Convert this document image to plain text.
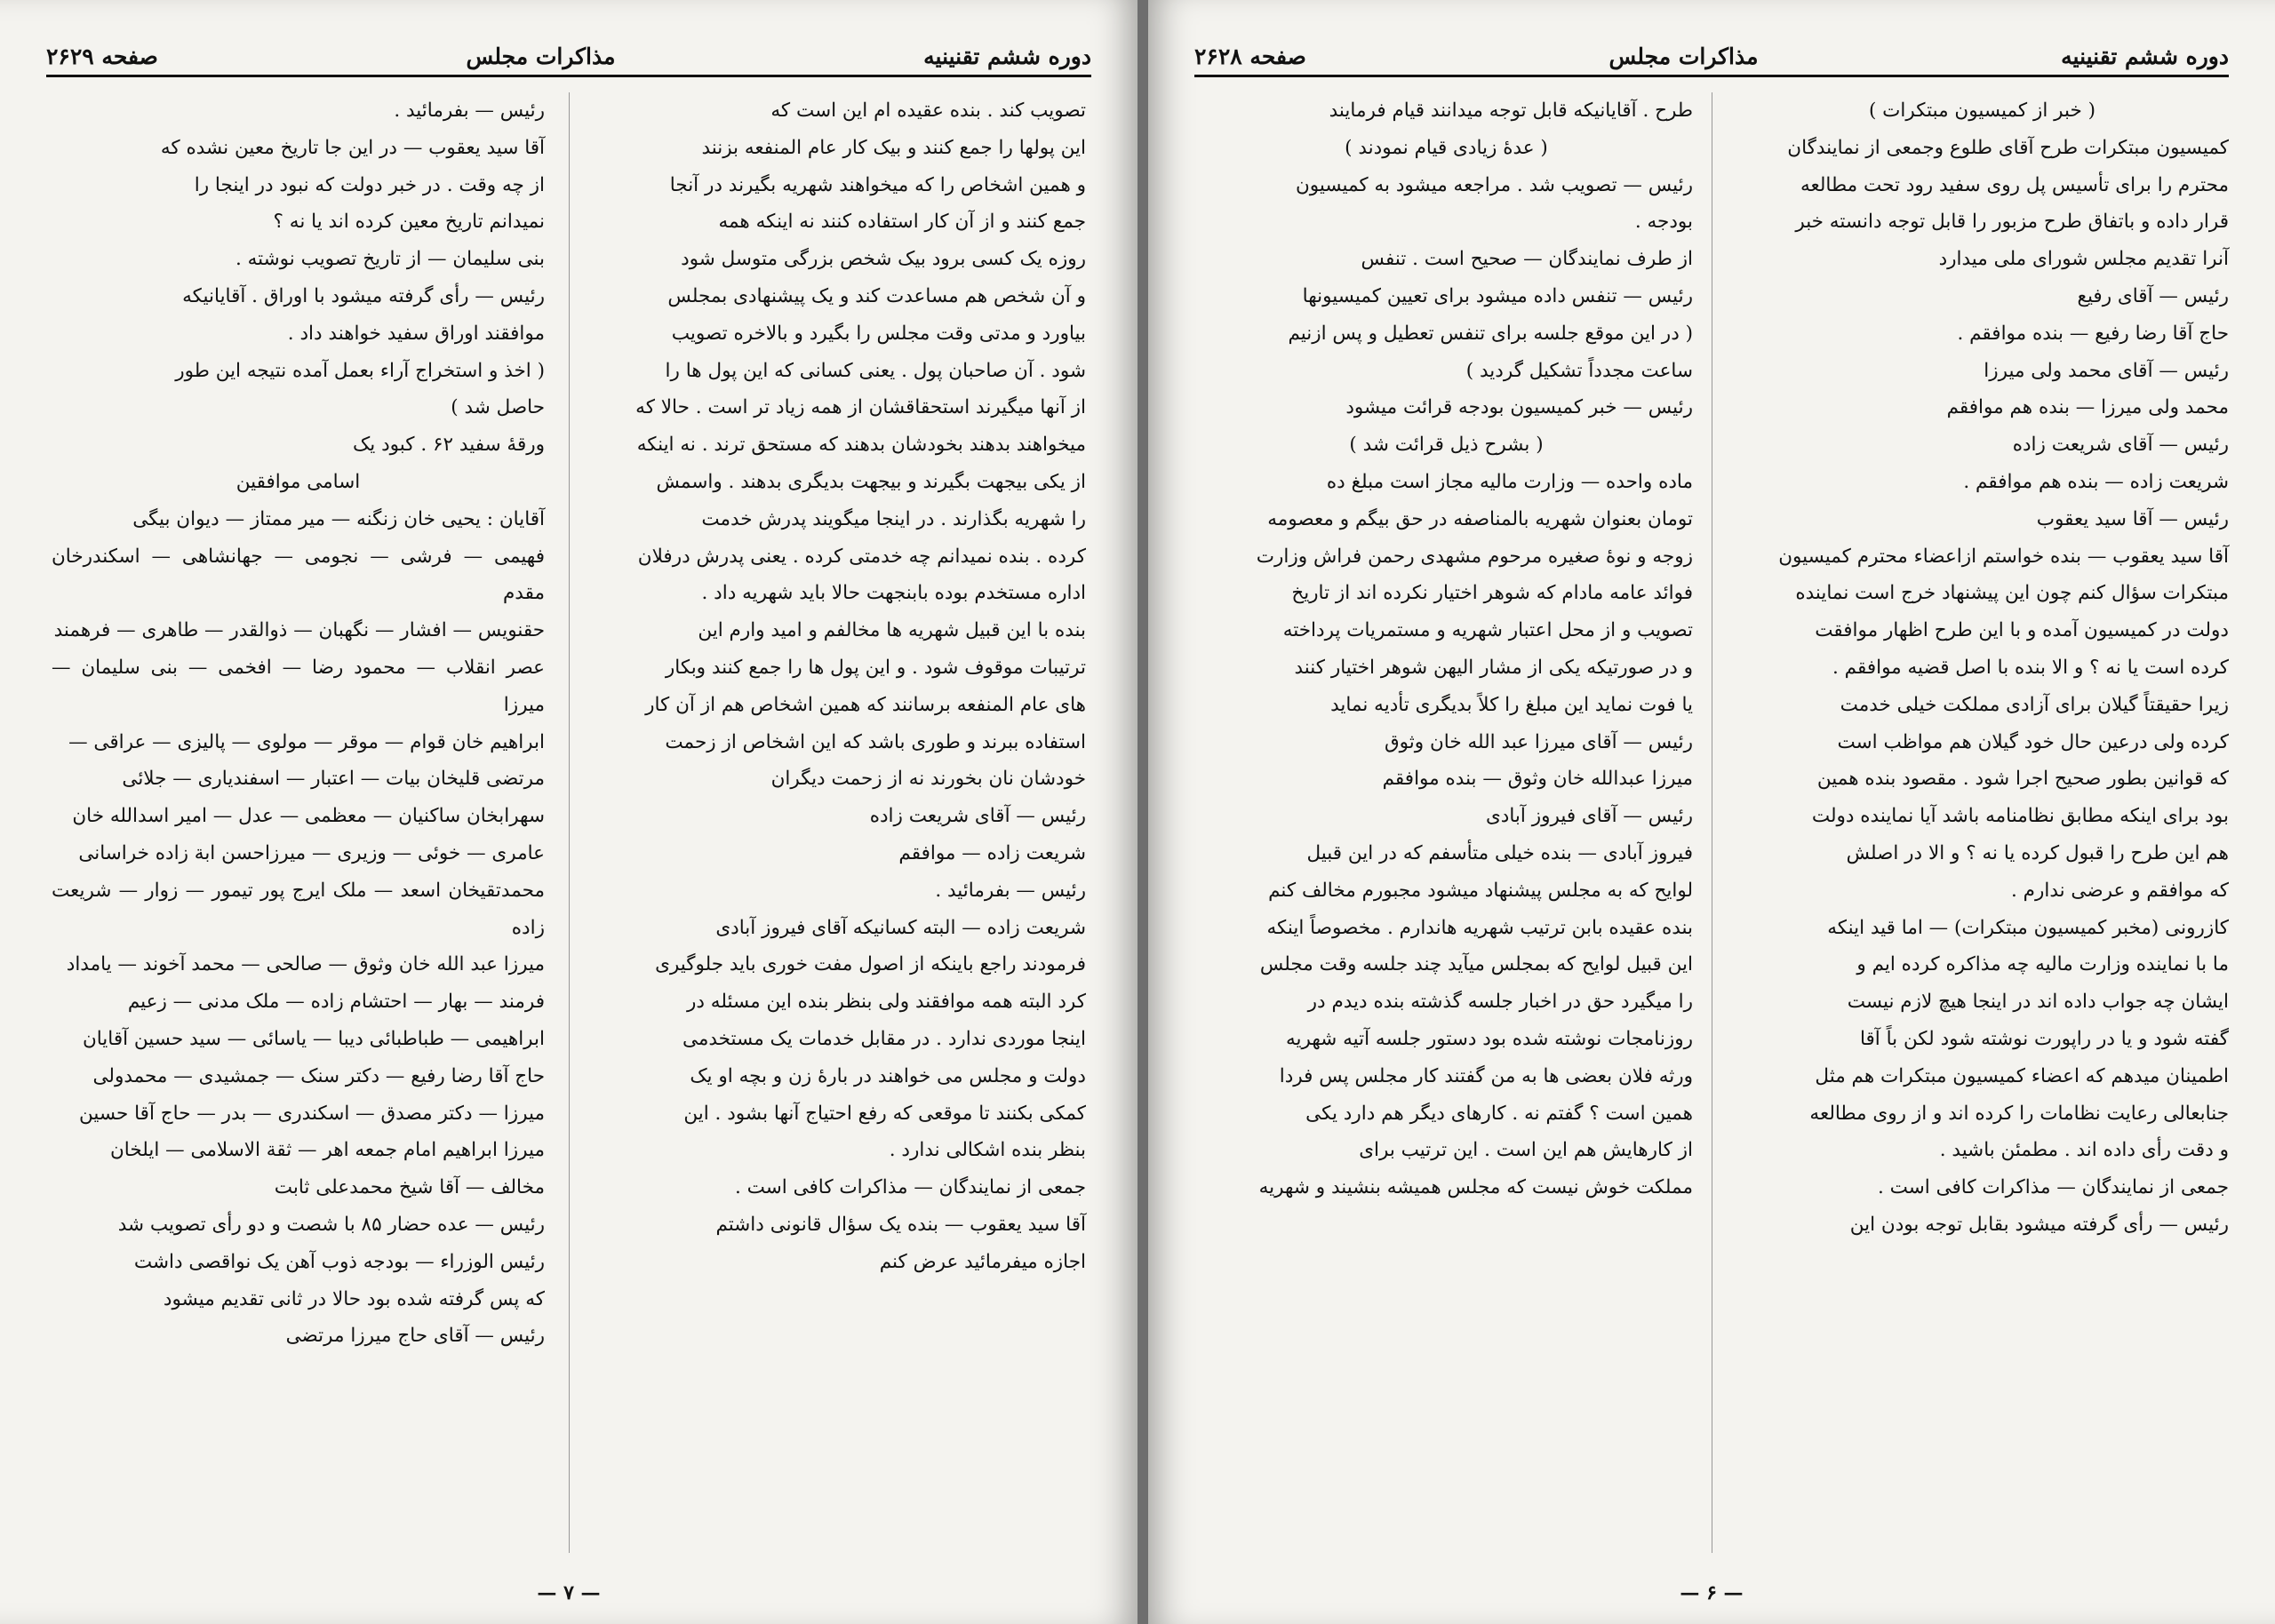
صفحه ۲۶۲۹	مذاکرات مجلس	دوره ششم تقنینیه

تصویب کند . بنده عقیده ام این است که

این پولها را جمع کنند و بیک کار عام المنفعه بزنند

و همین اشخاص را که میخواهند شهریه بگیرند در آنجا

جمع کنند و از آن کار استفاده کنند نه اینکه همه

روزه یک کسی برود بیک شخص بزرگی متوسل شود

و آن شخص هم مساعدت کند و یک پیشنهادی بمجلس

بیاورد و مدتی وقت مجلس را بگیرد و بالاخره تصویب

شود . آن صاحبان پول . یعنی کسانی که این پول ها را

از آنها میگیرند استحقاقشان از همه زیاد تر است . حالا که

میخواهند بدهند بخودشان بدهند که مستحق ترند . نه اینکه

از یکی بیجهت بگیرند و بیجهت بدیگری بدهند . واسمش

را شهریه بگذارند . در اینجا میگویند پدرش خدمت

کرده . بنده نمیدانم چه خدمتی کرده . یعنی پدرش درفلان

اداره مستخدم بوده بابنجهت حالا باید شهریه داد .

بنده با این قبیل شهریه ها مخالفم و امید وارم این

ترتیبات موقوف شود . و این پول ها را جمع کنند وبکار

های عام المنفعه برسانند که همین اشخاص هم از آن کار

استفاده ببرند و طوری باشد که این اشخاص از زحمت

خودشان نان بخورند نه از زحمت دیگران

رئیس — آقای شریعت زاده

شریعت زاده — موافقم

رئیس — بفرمائید .

شریعت زاده — البته کسانیکه آقای فیروز آبادی

فرمودند راجع باینکه از اصول مفت خوری باید جلوگیری

کرد البته همه موافقند ولی بنظر بنده این مسئله در

اینجا موردی ندارد . در مقابل خدمات یک مستخدمی

دولت و مجلس می خواهند در بارهٔ زن و بچه او یک

کمکی بکنند تا موقعی که رفع احتیاج آنها بشود . این

بنظر بنده اشکالی ندارد .

جمعی از نمایندگان — مذاکرات کافی است .

آقا سید یعقوب — بنده یک سؤال قانونی داشتم

اجازه میفرمائید عرض کنم

رئیس — بفرمائید .

آقا سید یعقوب — در این جا تاریخ معین نشده که

از چه وقت . در خبر دولت که نبود در اینجا را

نمیدانم تاریخ معین کرده اند یا نه ؟

بنی سلیمان — از تاریخ تصویب نوشته .

رئیس — رأی گرفته میشود با اوراق . آقایانیکه

موافقند اوراق سفید خواهند داد .

( اخذ و استخراج آراء بعمل آمده نتیجه این طور

حاصل شد )

ورقهٔ سفید ۶۲ . کبود یک

اسامی موافقین

آقایان : یحیی خان زنگنه — میر ممتاز — دیوان بیگی

فهیمی — فرشی — نجومی — جهانشاهی — اسکندرخان مقدم

حقنویس — افشار — نگهبان — ذوالقدر — طاهری — فرهمند

عصر انقلاب — محمود رضا — افخمی — بنی سلیمان — میرزا

ابراهیم خان قوام — موقر — مولوی — پالیزی — عراقی —

مرتضی قلیخان بیات — اعتبار — اسفندیاری — جلائی

سهرابخان ساکنیان — معظمی — عدل — امیر اسدالله خان

عامری — خوئی — وزیری — میرزاحسن ابة زاده خراسانی

محمدتقیخان اسعد — ملک ایرج پور تیمور — زوار — شریعت زاده

میرزا عبد الله خان وثوق — صالحی — محمد آخوند — یامداد

فرمند — بهار — احتشام زاده — ملک مدنی — زعیم

ابراهیمی — طباطبائی دیبا — یاسائی — سید حسین آقایان

حاج آقا رضا رفیع — دکتر سنک — جمشیدی — محمدولی

میرزا — دکتر مصدق — اسکندری — بدر — حاج آقا حسین

میرزا ابراهیم امام جمعه اهر — ثقة الاسلامی — ایلخان

مخالف — آقا شیخ محمدعلی ثابت

رئیس — عده حضار ۸۵ با شصت و دو رأی تصویب شد

رئیس الوزراء — بودجه ذوب آهن یک نواقصی داشت

که پس گرفته شده بود حالا در ثانی تقدیم میشود

رئیس — آقای حاج میرزا مرتضی

— ۷ —
صفحه ۲۶۲۸	مذاکرات مجلس	دوره ششم تقنینیه

( خبر از کمیسیون مبتکرات )

کمیسیون مبتکرات طرح آقای طلوع وجمعی از نمایندگان

محترم را برای تأسیس پل روی سفید رود تحت مطالعه

قرار داده و باتفاق طرح مزبور را قابل توجه دانسته خبر

آنرا تقدیم مجلس شورای ملی میدارد

رئیس — آقای رفیع

حاج آقا رضا رفیع — بنده موافقم .

رئیس — آقای محمد ولی میرزا

محمد ولی میرزا — بنده هم موافقم

رئیس — آقای شریعت زاده

شریعت زاده — بنده هم موافقم .

رئیس — آقا سید یعقوب

آقا سید یعقوب — بنده خواستم ازاعضاء محترم کمیسیون

مبتکرات سؤال کنم چون این پیشنهاد خرج است نماینده

دولت در کمیسیون آمده و با این طرح اظهار موافقت

کرده است یا نه ؟ و الا بنده با اصل قضیه موافقم .

زیرا حقیقتاً گیلان برای آزادی مملکت خیلی خدمت

کرده ولی درعین حال خود گیلان هم مواظب است

که قوانین بطور صحیح اجرا شود . مقصود بنده همین

بود برای اینکه مطابق نظامنامه باشد آیا نماینده دولت

هم این طرح را قبول کرده یا نه ؟ و الا در اصلش

که موافقم و عرضی ندارم .

کازرونی (مخبر کمیسیون مبتکرات) — اما قید اینکه

ما با نماینده وزارت مالیه چه مذاکره کرده ایم و

ایشان چه جواب داده اند در اینجا هیچ لازم نیست

گفته شود و یا در راپورت نوشته شود لکن باً آقا

اطمینان میدهم که اعضاء کمیسیون مبتکرات هم مثل

جنابعالی رعایت نظامات را کرده اند و از روی مطالعه

و دقت رأی داده اند . مطمئن باشید .

جمعی از نمایندگان — مذاکرات کافی است .

رئیس — رأی گرفته میشود بقابل توجه بودن این

طرح . آقایانیکه قابل توجه میدانند قیام فرمایند

( عدهٔ زیادی قیام نمودند )

رئیس — تصویب شد . مراجعه میشود به کمیسیون

بودجه .

از طرف نمایندگان — صحیح است . تنفس

رئیس — تنفس داده میشود برای تعیین کمیسیونها

( در این موقع جلسه برای تنفس تعطیل و پس ازنیم

ساعت مجدداً تشکیل گردید )

رئیس — خبر کمیسیون بودجه قرائت میشود

( بشرح ذیل قرائت شد )

ماده واحده — وزارت مالیه مجاز است مبلغ ده

تومان بعنوان شهریه بالمناصفه در حق بیگم و معصومه

زوجه و نوهٔ صغیره مرحوم مشهدی رحمن فراش وزارت

فوائد عامه مادام که شوهر اختیار نکرده اند از تاریخ

تصویب و از محل اعتبار شهریه و مستمریات پرداخته

و در صورتیکه یکی از مشار الیهن شوهر اختیار کنند

یا فوت نماید این مبلغ را کلاً بدیگری تأدیه نماید

رئیس — آقای میرزا عبد الله خان وثوق

میرزا عبدالله خان وثوق — بنده موافقم

رئیس — آقای فیروز آبادی

فیروز آبادی — بنده خیلی متأسفم که در این قبیل

لوایح که به مجلس پیشنهاد میشود مجبورم مخالف کنم

بنده عقیده بابن ترتیب شهریه هاندارم . مخصوصاً اینکه

این قبیل لوایح که بمجلس میآید چند جلسه وقت مجلس

را میگیرد حق در اخبار جلسه گذشته بنده دیدم در

روزنامجات نوشته شده بود دستور جلسه آتیه شهریه

ورثه فلان بعضی ها به من گفتند کار مجلس پس فردا

همین است ؟ گفتم نه . کارهای دیگر هم دارد یکی

از کارهایش هم این است . این ترتیب برای

مملکت خوش نیست که مجلس همیشه بنشیند و شهریه

— ۶ —
